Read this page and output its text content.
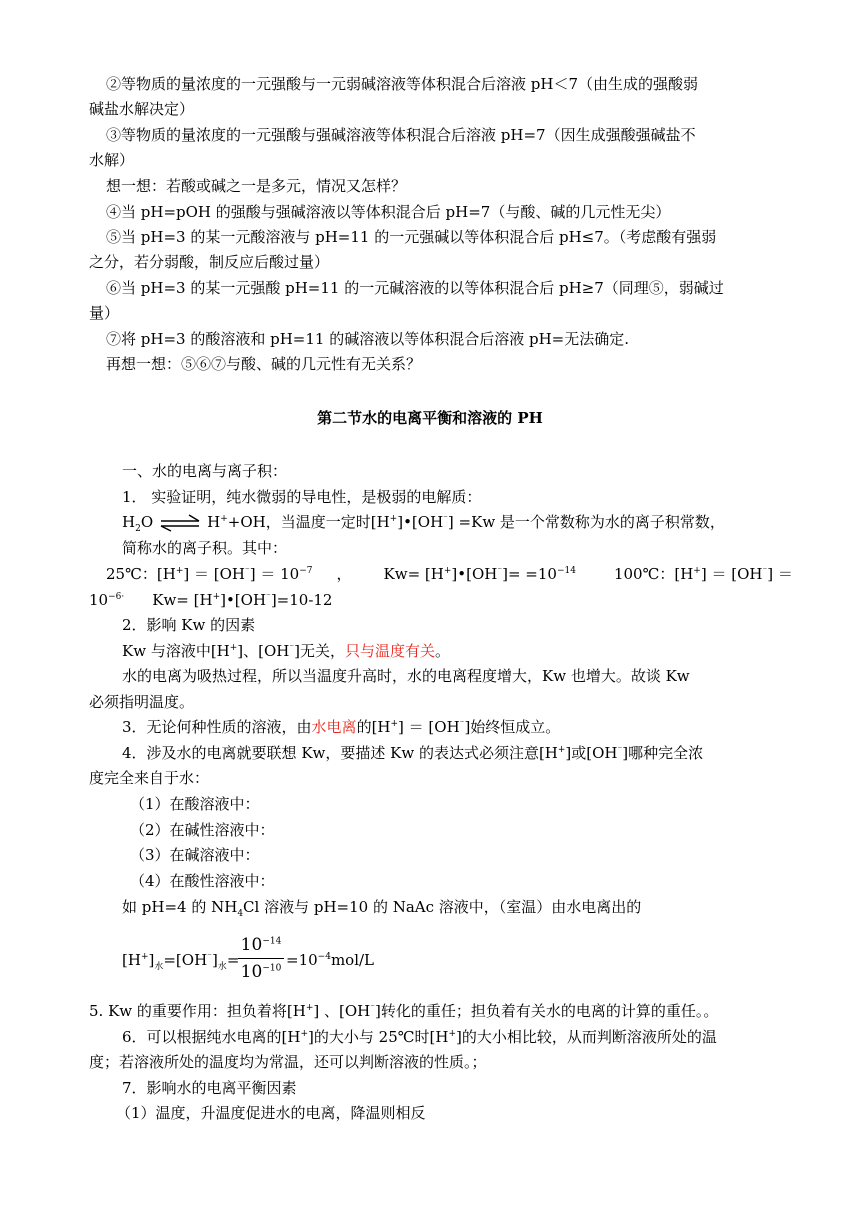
②等物质的量浓度的一元强酸与一元弱碱溶液等体积混合后溶液 pH＜7（由生成的强酸弱
碱盐水解决定）
③等物质的量浓度的一元强酸与强碱溶液等体积混合后溶液 pH=7（因生成强酸强碱盐不
水解）
想一想：若酸或碱之一是多元，情况又怎样？
④当 pH=pOH 的强酸与强碱溶液以等体积混合后 pH=7（与酸、碱的几元性无尖）
⑤当 pH=3 的某一元酸溶液与 pH=11 的一元强碱以等体积混合后 pH≤7。（考虑酸有强弱
之分，若分弱酸，制反应后酸过量）
⑥当 pH=3 的某一元强酸 pH=11 的一元碱溶液的以等体积混合后 pH≥7（同理⑤，弱碱过
量）
⑦将 pH=3 的酸溶液和 pH=11 的碱溶液以等体积混合后溶液 pH=无法确定.
再想一想：⑤⑥⑦与酸、碱的几元性有无关系？
第二节水的电离平衡和溶液的 PH
一、水的电离与离子积：
1． 实验证明，纯水微弱的导电性，是极弱的电解质：
$H_2O$ ⇌ H++OH，当温度一定时[H+]•[OH⁻] =Kw 是一个常数称为水的离子积常数，
简称水的离子积。其中：
25℃：$[H^+] = [OH^{^-}] = 10^{-7}$ ， Kw= [H+]•[OH⁻]= $=10^{-14}$	100℃：[H+] ＝ [OH⁻] ＝
$10^{-6\cdot}$ Kw= [H+]•[OH⁻]=10-12
2．影响 Kw 的因素
Kw 与溶液中[H+]、[OH⁻]无关，只与温度有关。
水的电离为吸热过程，所以当温度升高时，水的电离程度增大，Kw 也增大。故谈 Kw
必须指明温度。
3．无论何种性质的溶液，由水电离的[H+] ＝ [OH⁻]始终恒成立。
4．涉及水的电离就要联想 Kw，要描述 Kw 的表达式必须注意[H+]或[OH⁻]哪种完全浓
度完全来自于水：
（1）在酸溶液中：
（2）在碱性溶液中：
（3）在碱溶液中：
（4）在酸性溶液中：
如 pH=4 的 $NH_4Cl$ 溶液与 pH=10 的 NaAc 溶液中，（室温）由水电离出的
$[H^+]_水=[OH^{^-}]_水=$
$10^{-14}$
$10^{-10} =10^{-4}mol/L$
5. Kw 的重要作用：担负着将[H+] 、[OH⁻]转化的重任；担负着有关水的电离的计算的重任。。
6．可以根据纯水电离的[H+]的大小与 25℃时[H+]的大小相比较，从而判断溶液所处的温
度；若溶液所处的温度均为常温，还可以判断溶液的性质。；
7．影响水的电离平衡因素
（1）温度，升温度促进水的电离，降温则相反
